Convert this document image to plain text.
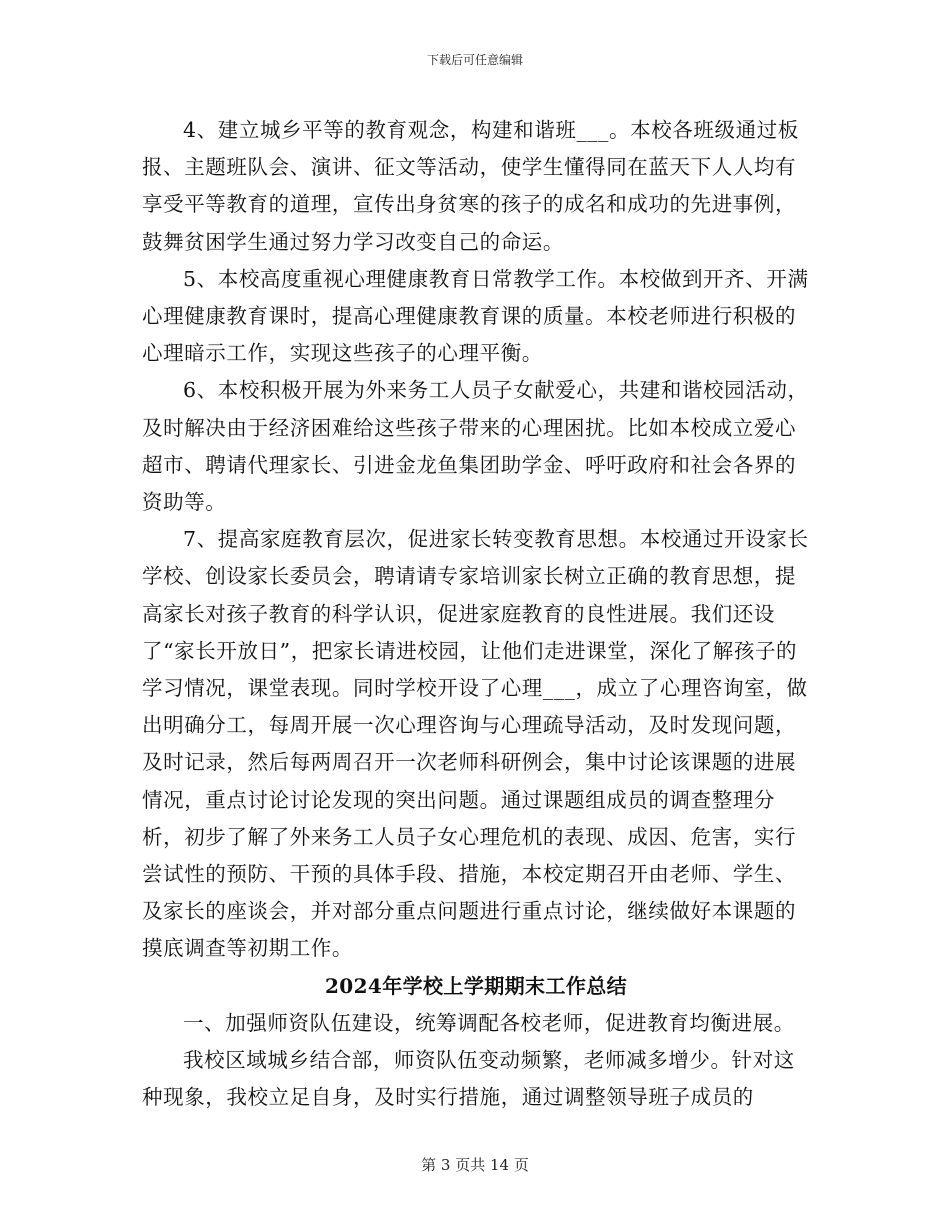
下载后可任意编辑

4、建立城乡平等的教育观念，构建和谐班___。本校各班级通过板报、主题班队会、演讲、征文等活动，使学生懂得同在蓝天下人人均有享受平等教育的道理，宣传出身贫寒的孩子的成名和成功的先进事例，鼓舞贫困学生通过努力学习改变自己的命运。

5、本校高度重视心理健康教育日常教学工作。本校做到开齐、开满心理健康教育课时，提高心理健康教育课的质量。本校老师进行积极的心理暗示工作，实现这些孩子的心理平衡。

6、本校积极开展为外来务工人员子女献爱心，共建和谐校园活动，及时解决由于经济困难给这些孩子带来的心理困扰。比如本校成立爱心超市、聘请代理家长、引进金龙鱼集团助学金、呼吁政府和社会各界的资助等。

7、提高家庭教育层次，促进家长转变教育思想。本校通过开设家长学校、创设家长委员会，聘请请专家培训家长树立正确的教育思想，提高家长对孩子教育的科学认识，促进家庭教育的良性进展。我们还设了“家长开放日”，把家长请进校园，让他们走进课堂，深化了解孩子的学习情况，课堂表现。同时学校开设了心理___，成立了心理咨询室，做出明确分工，每周开展一次心理咨询与心理疏导活动，及时发现问题，及时记录，然后每两周召开一次老师科研例会，集中讨论该课题的进展情况，重点讨论讨论发现的突出问题。通过课题组成员的调查整理分析，初步了解了外来务工人员子女心理危机的表现、成因、危害，实行尝试性的预防、干预的具体手段、措施，本校定期召开由老师、学生、及家长的座谈会，并对部分重点问题进行重点讨论，继续做好本课题的摸底调查等初期工作。

2024年学校上学期期末工作总结

一、加强师资队伍建设，统筹调配各校老师，促进教育均衡进展。

我校区域城乡结合部，师资队伍变动频繁，老师减多增少。针对这种现象，我校立足自身，及时实行措施，通过调整领导班子成员的

第 3 页共 14 页
